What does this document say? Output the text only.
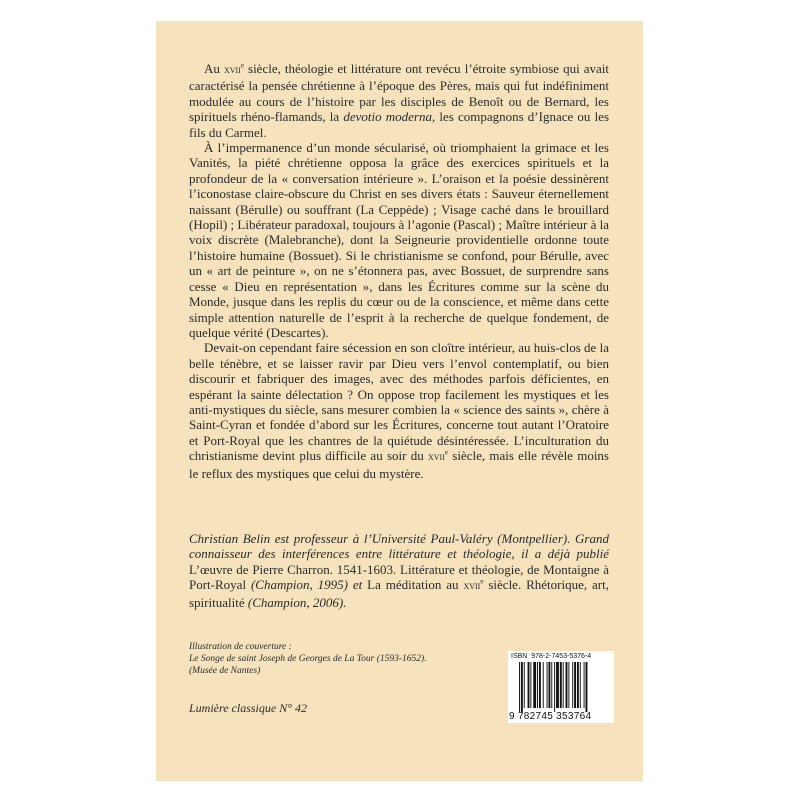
Au xvii$^e$ siècle, théologie et littérature ont revécu l’étroite symbiose qui avait caractérisé la pensée chrétienne à l’époque des Pères, mais qui fut indéfiniment modulée au cours de l’histoire par les disciples de Benoît ou de Bernard, les spirituels rhéno-flamands, la devotio moderna, les compagnons d’Ignace ou les fils du Carmel.

À l’impermanence d’un monde sécularisé, où triomphaient la grimace et les Vanités, la piété chrétienne opposa la grâce des exercices spirituels et la profondeur de la « conversation intérieure ». L’oraison et la poésie dessinèrent l’iconostase claire-obscure du Christ en ses divers états : Sauveur éternellement naissant (Bérulle) ou souffrant (La Ceppède) ; Visage caché dans le brouillard (Hopil) ; Libérateur paradoxal, toujours à l’agonie (Pascal) ; Maître intérieur à la voix discrète (Malebranche), dont la Seigneurie providentielle ordonne toute l’histoire humaine (Bossuet). Si le christianisme se confond, pour Bérulle, avec un « art de peinture », on ne s’étonnera pas, avec Bossuet, de surprendre sans cesse « Dieu en représentation », dans les Écritures comme sur la scène du Monde, jusque dans les replis du cœur ou de la conscience, et même dans cette simple attention naturelle de l’esprit à la recherche de quelque fondement, de quelque vérité (Descartes).

Devait-on cependant faire sécession en son cloître intérieur, au huis-clos de la belle ténèbre, et se laisser ravir par Dieu vers l’envol contemplatif, ou bien discourir et fabriquer des images, avec des méthodes parfois déficientes, en espérant la sainte délectation ? On oppose trop facilement les mystiques et les anti-mystiques du siècle, sans mesurer combien la « science des saints », chère à Saint-Cyran et fondée d’abord sur les Écritures, concerne tout autant l’Oratoire et Port-Royal que les chantres de la quiétude désintéressée. L’inculturation du christianisme devint plus difficile au soir du xvii$^e$ siècle, mais elle révèle moins le reflux des mystiques que celui du mystère.

Christian Belin est professeur à l’Université Paul-Valéry (Montpellier). Grand connaisseur des interférences entre littérature et théologie, il a déjà publié L’œuvre de Pierre Charron. 1541-1603. Littérature et théologie, de Montaigne à Port-Royal (Champion, 1995) et La méditation au xvii$^e$ siècle. Rhétorique, art, spiritualité (Champion, 2006).

Illustration de couverture :
Le Songe de saint Joseph de Georges de La Tour (1593-1652).
(Musée de Nantes)
Lumière classique N° 42
ISBN 978-2-7453-5376-4
9 782745 353764
